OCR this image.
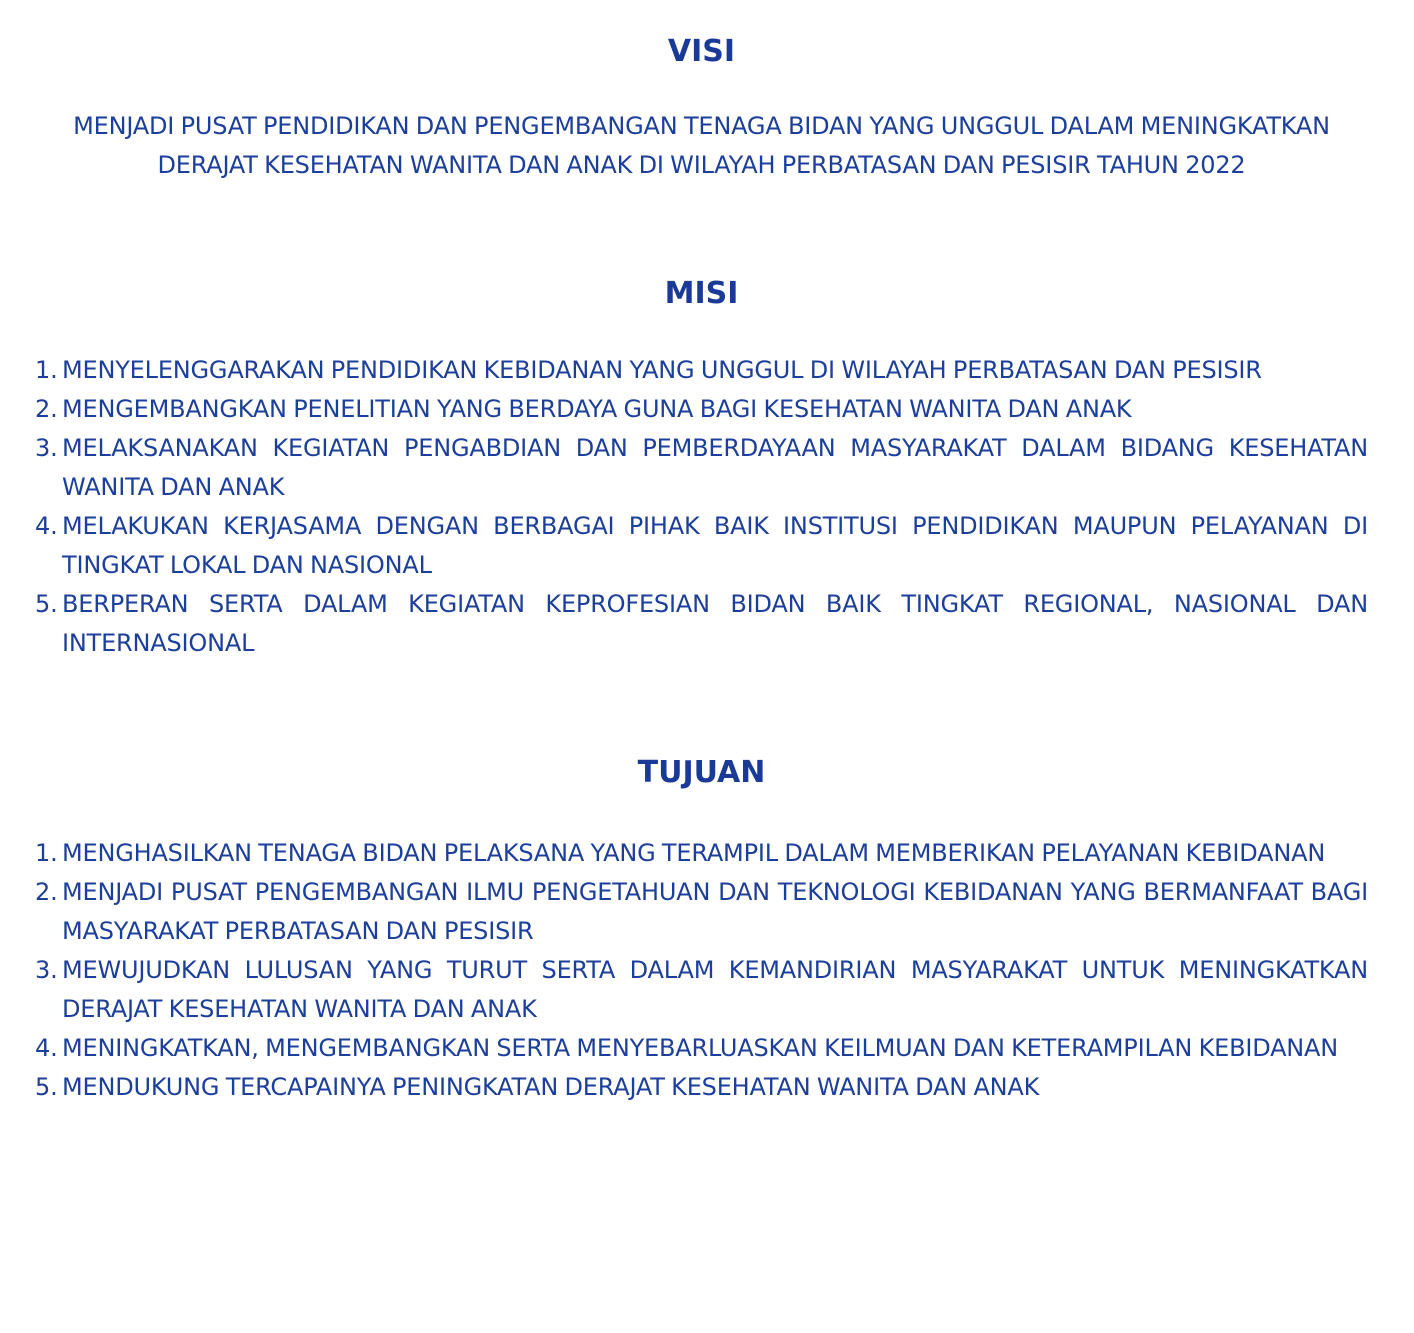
VISI

MENJADI PUSAT PENDIDIKAN DAN PENGEMBANGAN TENAGA BIDAN YANG UNGGUL DALAM MENINGKATKAN DERAJAT KESEHATAN WANITA DAN ANAK DI WILAYAH PERBATASAN DAN PESISIR TAHUN 2022

MISI
1. MENYELENGGARAKAN PENDIDIKAN KEBIDANAN YANG UNGGUL DI WILAYAH PERBATASAN DAN PESISIR
2. MENGEMBANGKAN PENELITIAN YANG BERDAYA GUNA BAGI KESEHATAN WANITA DAN ANAK
3. MELAKSANAKAN KEGIATAN PENGABDIAN DAN PEMBERDAYAAN MASYARAKAT DALAM BIDANG KESEHATAN WANITA DAN ANAK
4. MELAKUKAN KERJASAMA DENGAN BERBAGAI PIHAK BAIK INSTITUSI PENDIDIKAN MAUPUN PELAYANAN DI TINGKAT LOKAL DAN NASIONAL
5. BERPERAN SERTA DALAM KEGIATAN KEPROFESIAN BIDAN BAIK TINGKAT REGIONAL, NASIONAL DAN INTERNASIONAL
TUJUAN
1. MENGHASILKAN TENAGA BIDAN PELAKSANA YANG TERAMPIL DALAM MEMBERIKAN PELAYANAN KEBIDANAN
2. MENJADI PUSAT PENGEMBANGAN ILMU PENGETAHUAN DAN TEKNOLOGI KEBIDANAN YANG BERMANFAAT BAGI MASYARAKAT PERBATASAN DAN PESISIR
3. MEWUJUDKAN LULUSAN YANG TURUT SERTA DALAM KEMANDIRIAN MASYARAKAT UNTUK MENINGKATKAN DERAJAT KESEHATAN WANITA DAN ANAK
4. MENINGKATKAN, MENGEMBANGKAN SERTA MENYEBARLUASKAN KEILMUAN DAN KETERAMPILAN KEBIDANAN
5. MENDUKUNG TERCAPAINYA PENINGKATAN DERAJAT KESEHATAN WANITA DAN ANAK
